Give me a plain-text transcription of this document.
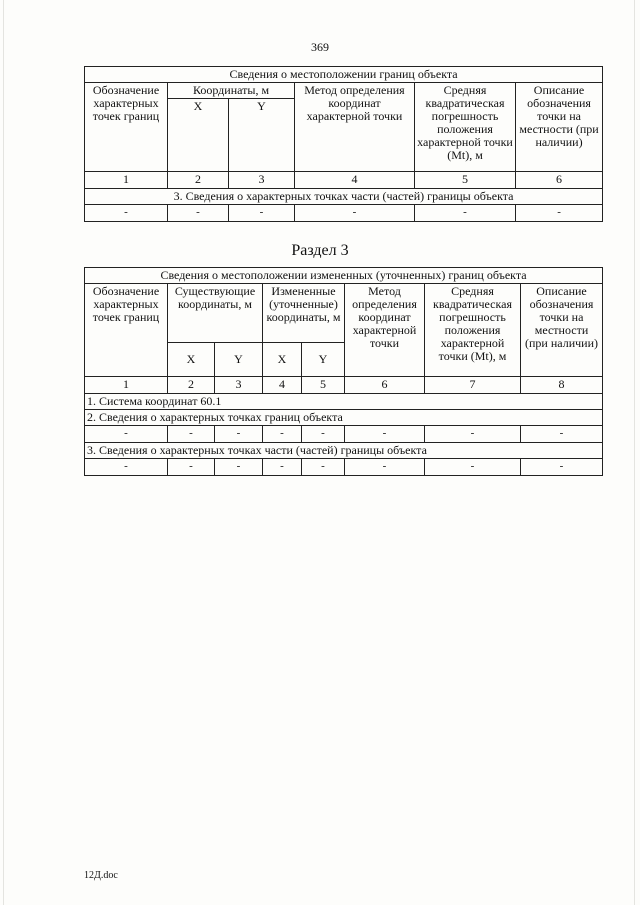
369
Сведения о местоположении границ объекта					
Обозначение характерных точек границ	Координаты, м		Метод определения координат характерной точки	Средняя квадратическая погрешность положения характерной точки (Mt), м	Описание обозначения точки на местности (при наличии)
	X	Y			
1	2	3	4	5	6
3. Сведения о характерных точках части (частей) границы объекта					
-	-	-	-	-	-
Раздел 3
Сведения о местоположении измененных (уточненных) границ объекта							
Обозначение характерных точек границ	Существующие координаты, м		Измененные (уточненные) координаты, м		Метод определения координат характерной точки	Средняя квадратическая погрешность положения характерной точки (Mt), м	Описание обозначения точки на местности (при наличии)
	X	Y	X	Y			
1	2	3	4	5	6	7	8
1. Система координат 60.1							
2. Сведения о характерных точках границ объекта							
-	-	-	-	-	-	-	-
3. Сведения о характерных точках части (частей) границы объекта							
-	-	-	-	-	-	-	-
12Д.doc
